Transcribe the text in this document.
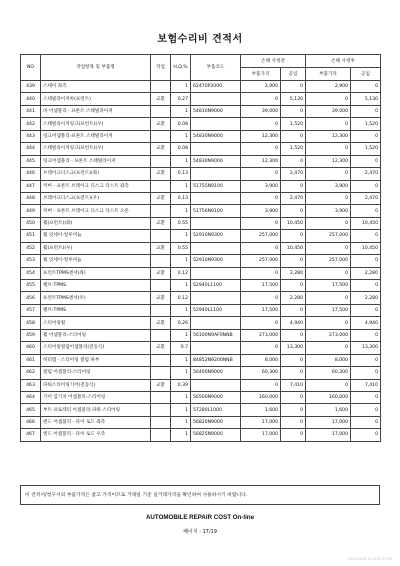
보험수리비 견적서
NO	작업항목 및 부품명	작업	H,Q,%	부품코드	손해 사정전		손해 사정후	
					부품가격	공임	부품가격	공임
439	스테이 좌측		1	62470P2000	2,900	0	2,900	0
440	스테빌라이저바(프런트)	교환	0.27		0	5,130	0	5,130
441	바 어셈블리 - 프론트 스태빌라이저		1	54810N9000	39,000	0	39,000	0
442	스태빌라이저링크(프런트)(우)	교환	0.08		0	1,520	0	1,520
443	링크어셈블리-프론트 스태빌라이저		1	54830N9000	12,300	0	12,300	0
444	스태빌라이저링크(프런트)(우)	교환	0.08		0	1,520	0	1,520
445	링크어셈블리 - 프론트 스태빌라이저		1	54830N9000	12,300	0	12,300	0
446	브레이크디스크(프런트)(좌)	교환	0.13		0	2,470	0	2,470
447	커버 - 프론트 브레이크 디스크 더스트 좌측		1	51755N9100	3,900	0	3,900	0
448	브레이크디스크(프런트)(우)	교환	0.13		0	2,470	0	2,470
449	커버 - 프론트 브레이크 디스크 더스트 오른		1	51756N9100	3,900	0	3,900	0
450	휠(프런트)(좌)	교환	0.55		0	10,450	0	10,450
451	휠 잇세이-알루미늄		1	52910N9300	257,000	0	257,000	0
452	휠(프런트)(우)	교환	0.55		0	10,450	0	10,450
453	휠 잇세이-알루미늄		1	52910N9300	257,000	0	257,000	0
454	프런트TPMS센서(좌)	교환	0.12		0	2,280	0	2,280
455	밸브-TPMS		1	52940L1100	17,500	0	17,500	0
456	프런트TPMS센서(우)	교환	0.12		0	2,280	0	2,280
457	밸브-TPMS		1	52940L1100	17,500	0	17,500	0
458	스티어링휠	교환	0.26		0	4,940	0	4,940
459	휠 어셈블리-스티어링		1	56100N9AF0NNB	273,000	0	273,000	0
460	스티어링컬럼어셈블리(전동식)	교환	0.7		0	13,300	0	13,300
461	히터캡 - 스티어링 컬럼 하부		1	84852N9200NNB	8,000	0	8,000	0
462	컬럼 어셈블리-스티어링		1	56400N9000	60,300	0	60,300	0
463	파워스티어링기어(전동식)	교환	0.39		0	7,410	0	7,410
464	기어 엄기치 어셈블리-스티어링		1	56500N9000	160,000	0	160,000	0
465	부트 프로텍터 어셈블리-파워 스티어링		1	57280L1000	1,600	0	1,600	0
466	엔드 어셈블리 - 타이 로드 좌측		1	56820N9000	17,000	0	17,000	0
467	엔드 어셈블리 - 타이 로드 우측		1	56825N9000	17,000	0	17,000	0
이 견적서/청구서의 부품가격은 참고 가격이므로 거래일 기준 실거래가격을 확인하여 사용하시기 바랍니다.
AUTOMOBILE REPAIR COST On-line
페이지 : 17/19
2024-03-05 11:45:47 07:00
